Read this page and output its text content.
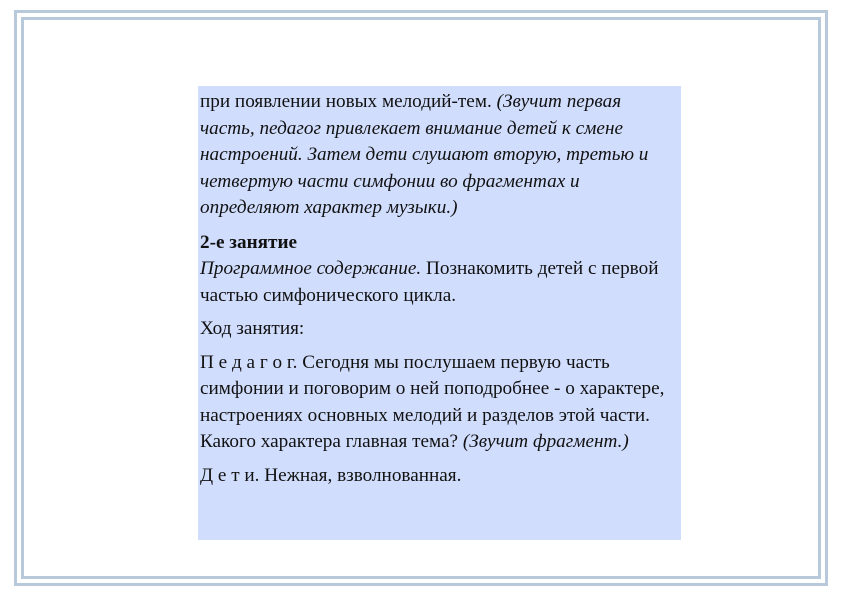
при появлении новых мелодий-тем. (Звучит первая часть, педагог привлекает внимание детей к смене настроений. Затем дети слушают вторую, третью и четвертую части симфонии во фрагментах и определяют характер музыки.)

2-е занятие

Программное содержание. Познакомить детей с первой частью симфонического цикла.

Ход занятия:

П е д а г о г. Сегодня мы послушаем первую часть симфонии и поговорим о ней поподробнее - о характере, настроениях основных мелодий и разделов этой части. Какого характера главная тема? (Звучит фрагмент.)

Д е т и. Нежная, взволнованная.
